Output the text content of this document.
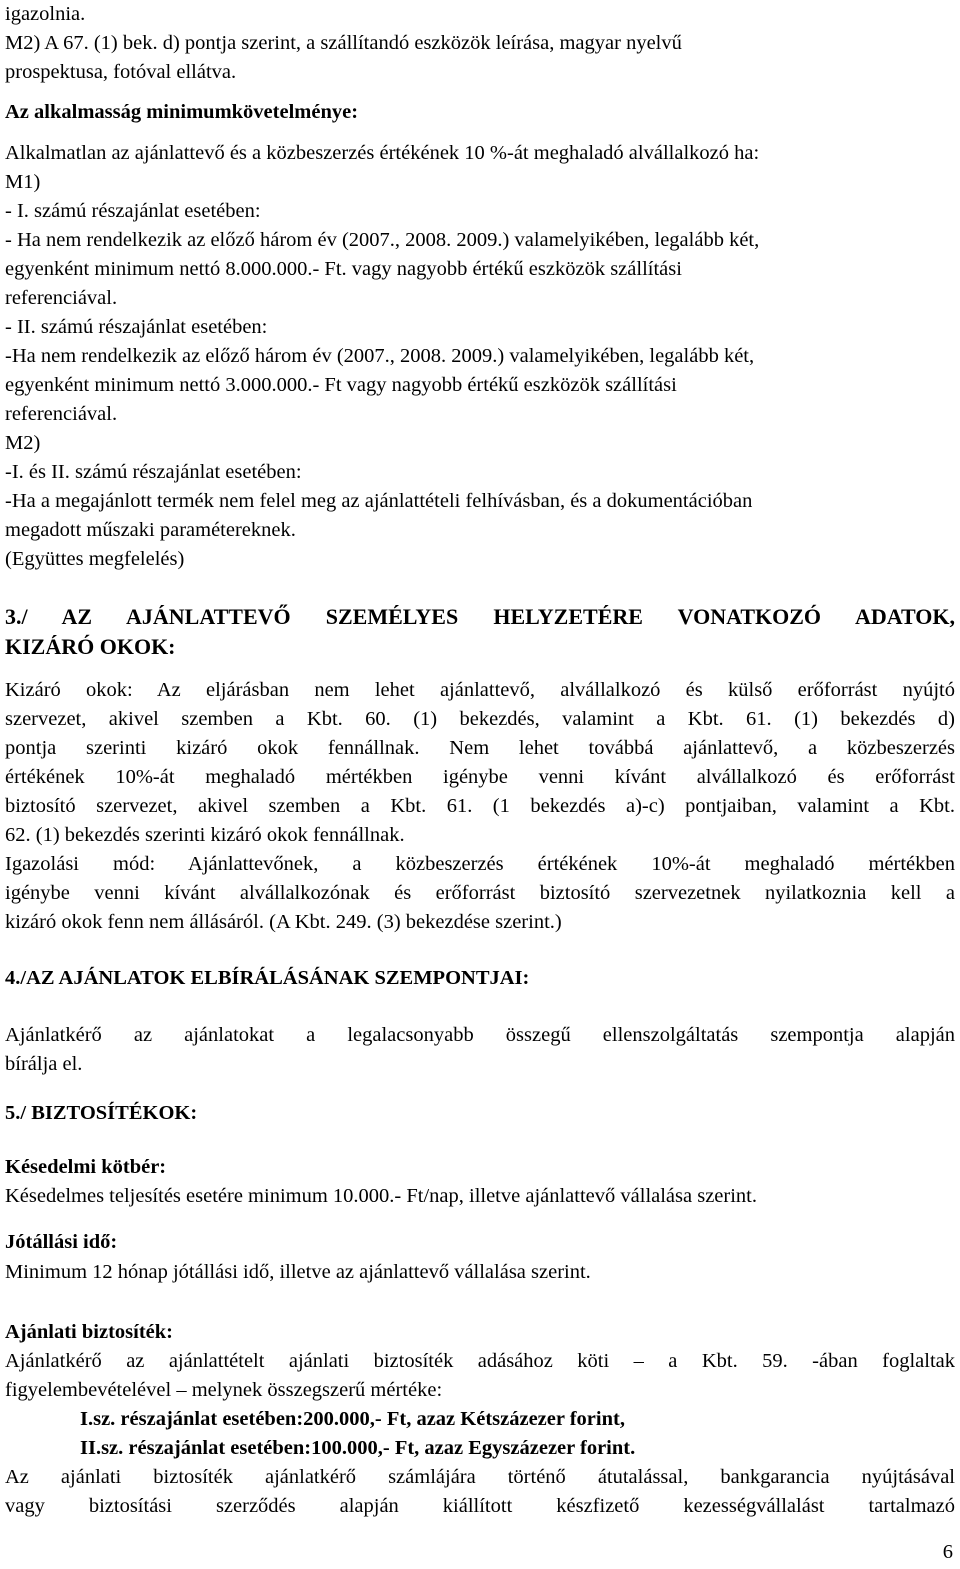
igazolnia.
M2) A 67. (1) bek. d) pontja szerint, a szállítandó eszközök leírása, magyar nyelvű
prospektusa, fotóval ellátva.
Az alkalmasság minimumkövetelménye:
Alkalmatlan az ajánlattevő és a közbeszerzés értékének 10 %-át meghaladó alvállalkozó ha:
M1)
- I. számú részajánlat esetében:
- Ha nem rendelkezik az előző három év (2007., 2008. 2009.) valamelyikében, legalább két,
egyenként minimum nettó 8.000.000.- Ft. vagy nagyobb értékű eszközök szállítási
referenciával.
- II. számú részajánlat esetében:
-Ha nem rendelkezik az előző három év (2007., 2008. 2009.) valamelyikében, legalább két,
egyenként minimum nettó 3.000.000.- Ft vagy nagyobb értékű eszközök szállítási
referenciával.
M2)
-I. és II. számú részajánlat esetében:
-Ha a megajánlott termék nem felel meg az ajánlattételi felhívásban, és a dokumentációban
megadott műszaki paramétereknek.
(Együttes megfelelés)
3./ AZ AJÁNLATTEVŐ SZEMÉLYES HELYZETÉRE VONATKOZÓ ADATOK,
KIZÁRÓ OKOK:
Kizáró okok: Az eljárásban nem lehet ajánlattevő, alvállalkozó és külső erőforrást nyújtó
szervezet, akivel szemben a Kbt. 60. (1) bekezdés, valamint a Kbt. 61. (1) bekezdés d)
pontja szerinti kizáró okok fennállnak. Nem lehet továbbá ajánlattevő, a közbeszerzés
értékének 10%-át meghaladó mértékben igénybe venni kívánt alvállalkozó és erőforrást
biztosító szervezet, akivel szemben a Kbt. 61. (1 bekezdés a)-c) pontjaiban, valamint a Kbt.
62. (1) bekezdés szerinti kizáró okok fennállnak.
Igazolási mód: Ajánlattevőnek, a közbeszerzés értékének 10%-át meghaladó mértékben
igénybe venni kívánt alvállalkozónak és erőforrást biztosító szervezetnek nyilatkoznia kell a
kizáró okok fenn nem állásáról. (A Kbt. 249. (3) bekezdése szerint.)
4./AZ AJÁNLATOK ELBÍRÁLÁSÁNAK SZEMPONTJAI:
Ajánlatkérő az ajánlatokat a legalacsonyabb összegű ellenszolgáltatás szempontja alapján
bírálja el.
5./ BIZTOSÍTÉKOK:
Késedelmi kötbér:
Késedelmes teljesítés esetére minimum 10.000.- Ft/nap, illetve ajánlattevő vállalása szerint.
Jótállási idő:
Minimum 12 hónap jótállási idő, illetve az ajánlattevő vállalása szerint.
Ajánlati biztosíték:
Ajánlatkérő az ajánlattételt ajánlati biztosíték adásához köti – a Kbt. 59. -ában foglaltak
figyelembevételével – melynek összegszerű mértéke:
I.sz. részajánlat esetében:200.000,- Ft, azaz Kétszázezer forint,
II.sz. részajánlat esetében:100.000,- Ft, azaz Egyszázezer forint.
Az ajánlati biztosíték ajánlatkérő számlájára történő átutalással, bankgarancia nyújtásával
vagy biztosítási szerződés alapján kiállított készfizető kezességvállalást tartalmazó
6
